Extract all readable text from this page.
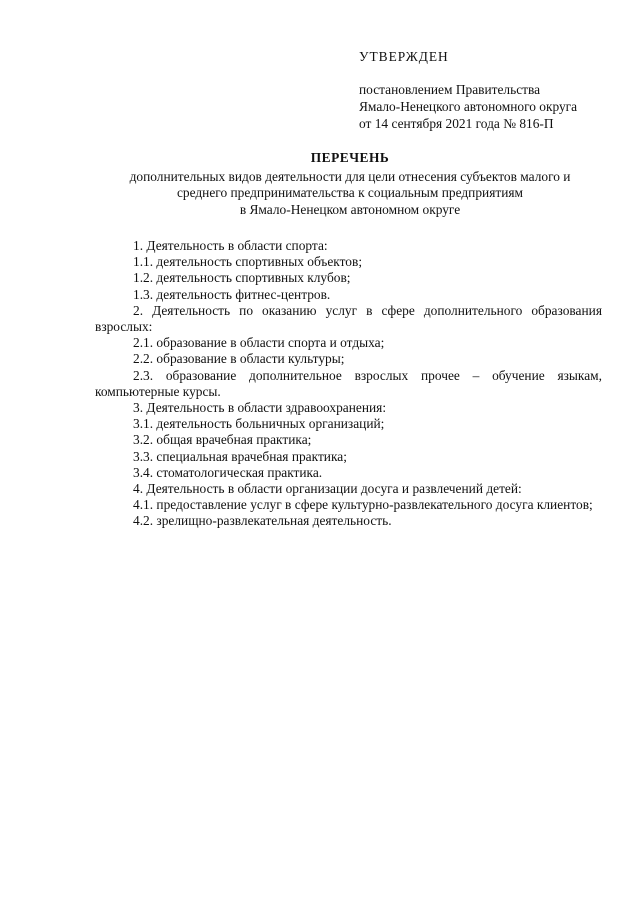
УТВЕРЖДЕН
постановлением Правительства
Ямало-Ненецкого автономного округа
от 14 сентября 2021 года № 816-П
ПЕРЕЧЕНЬ
дополнительных видов деятельности для цели отнесения субъектов малого и
среднего предпринимательства к социальным предприятиям
в Ямало-Ненецком автономном округе
1. Деятельность в области спорта:
1.1. деятельность спортивных объектов;
1.2. деятельность спортивных клубов;
1.3. деятельность фитнес-центров.
2. Деятельность по оказанию услуг в сфере дополнительного образования взрослых:
2.1. образование в области спорта и отдыха;
2.2. образование в области культуры;
2.3. образование дополнительное взрослых прочее – обучение языкам, компьютерные курсы.
3. Деятельность в области здравоохранения:
3.1. деятельность больничных организаций;
3.2. общая врачебная практика;
3.3. специальная врачебная практика;
3.4. стоматологическая практика.
4. Деятельность в области организации досуга и развлечений детей:
4.1. предоставление услуг в сфере культурно-развлекательного досуга клиентов;
4.2. зрелищно-развлекательная деятельность.
